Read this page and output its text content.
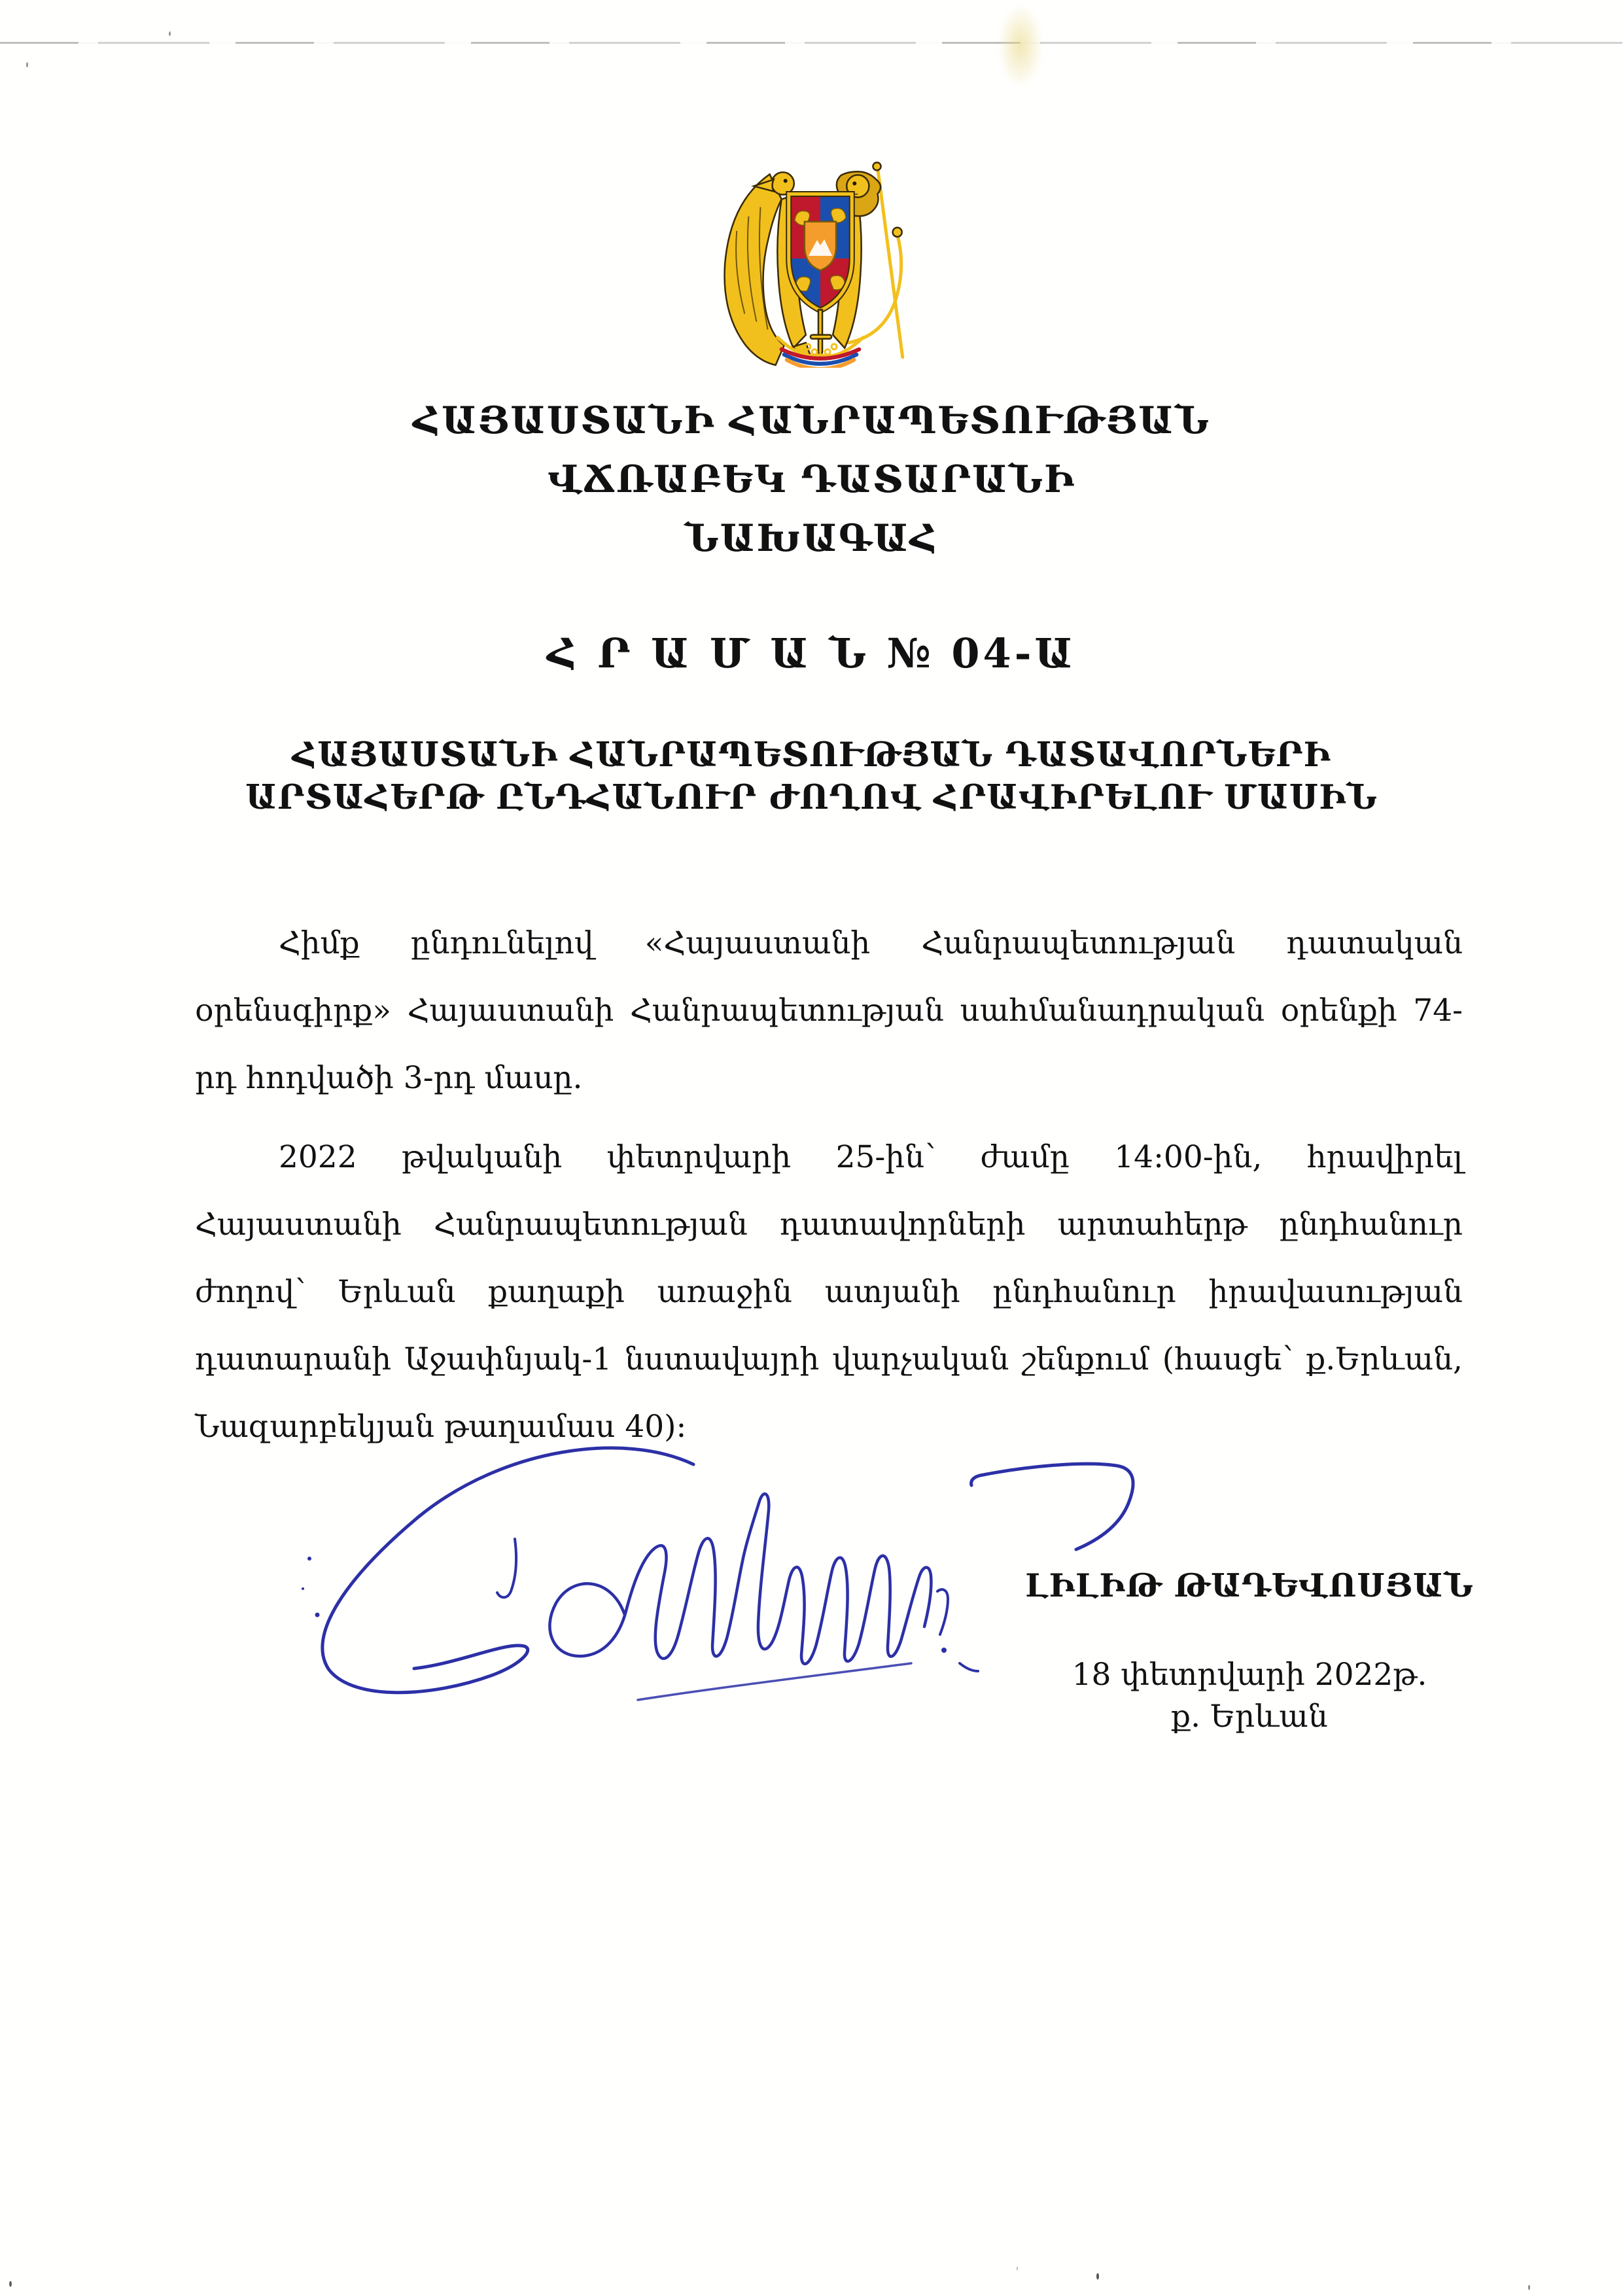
ՀԱՅԱՍՏԱՆԻ ՀԱՆՐԱՊԵՏՈՒԹՅԱՆ
ՎՃՌԱԲԵԿ ԴԱՏԱՐԱՆԻ
ՆԱԽԱԳԱՀ
Հ Ր Ա Մ Ա Ն № 04-Ա
ՀԱՅԱՍՏԱՆԻ ՀԱՆՐԱՊԵՏՈՒԹՅԱՆ ԴԱՏԱՎՈՐՆԵՐԻ
ԱՐՏԱՀԵՐԹ ԸՆԴՀԱՆՈՒՐ ԺՈՂՈՎ ՀՐԱՎԻՐԵԼՈՒ ՄԱՍԻՆ

Հիմք ընդունելով «Հայաստանի Հանրապետության դատական օրենսգիրք» Հայաստանի Հանրապետության սահմանադրական օրենքի 74-րդ հոդվածի 3-րդ մասը.

2022 թվականի փետրվարի 25-ին՝ ժամը 14:00-ին, հրավիրել Հայաստանի Հանրապետության դատավորների արտահերթ ընդհանուր ժողով՝ Երևան քաղաքի առաջին ատյանի ընդհանուր իրավասության դատարանի Աջափնյակ-1 նստավայրի վարչական շենքում (հասցե՝ ք.Երևան, Նազարբեկյան թաղամաս 40):

ԼԻԼԻԹ ԹԱԴԵՎՈՍՅԱՆ
18 փետրվարի 2022թ.
ք. Երևան
